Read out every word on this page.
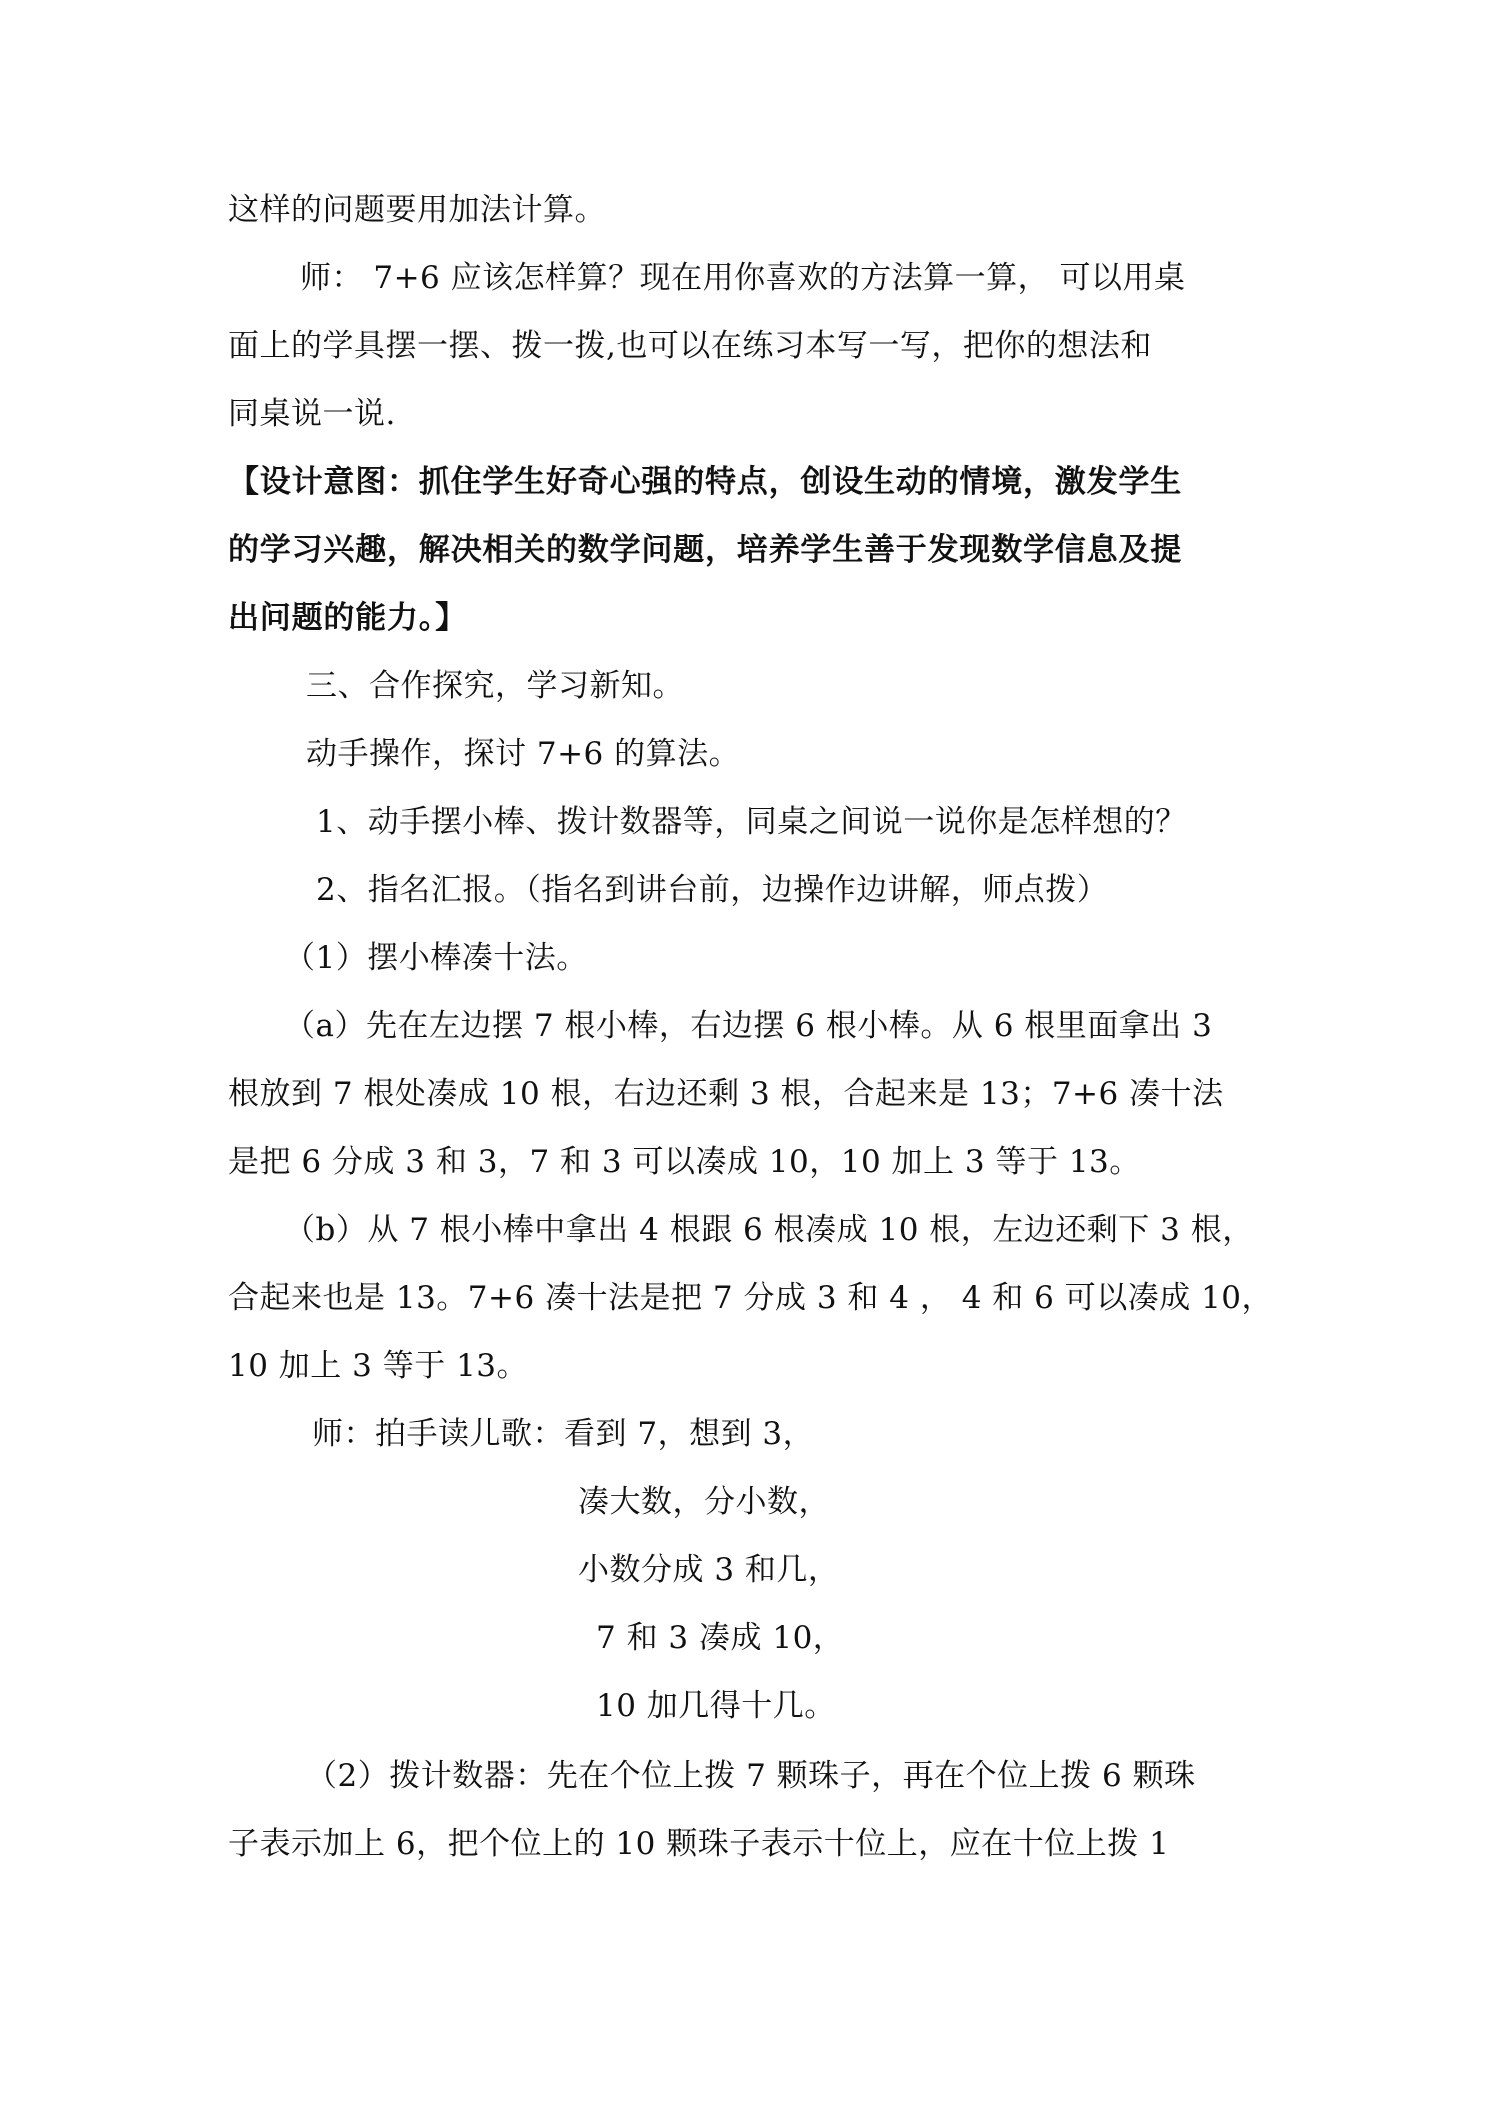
这样的问题要用加法计算。
师： 7+6 应该怎样算？现在用你喜欢的方法算一算， 可以用桌
面上的学具摆一摆、拨一拨,也可以在练习本写一写，把你的想法和
同桌说一说.
【设计意图：抓住学生好奇心强的特点，创设生动的情境，激发学生
的学习兴趣，解决相关的数学问题，培养学生善于发现数学信息及提
出问题的能力。】
三、合作探究，学习新知。
动手操作，探讨 7+6 的算法。
1、动手摆小棒、拨计数器等，同桌之间说一说你是怎样想的？
2、指名汇报。（指名到讲台前，边操作边讲解，师点拨）
（1）摆小棒凑十法。
（a）先在左边摆 7 根小棒，右边摆 6 根小棒。从 6 根里面拿出 3
根放到 7 根处凑成 10 根，右边还剩 3 根，合起来是 13；7+6 凑十法
是把 6 分成 3 和 3，7 和 3 可以凑成 10，10 加上 3 等于 13。
（b）从 7 根小棒中拿出 4 根跟 6 根凑成 10 根，左边还剩下 3 根，
合起来也是 13。7+6 凑十法是把 7 分成 3 和 4 ， 4 和 6 可以凑成 10，
10 加上 3 等于 13。
师：拍手读儿歌：看到 7，想到 3，
凑大数，分小数，
小数分成 3 和几，
7 和 3 凑成 10，
10 加几得十几。
（2）拨计数器：先在个位上拨 7 颗珠子，再在个位上拨 6 颗珠
子表示加上 6，把个位上的 10 颗珠子表示十位上，应在十位上拨 1
